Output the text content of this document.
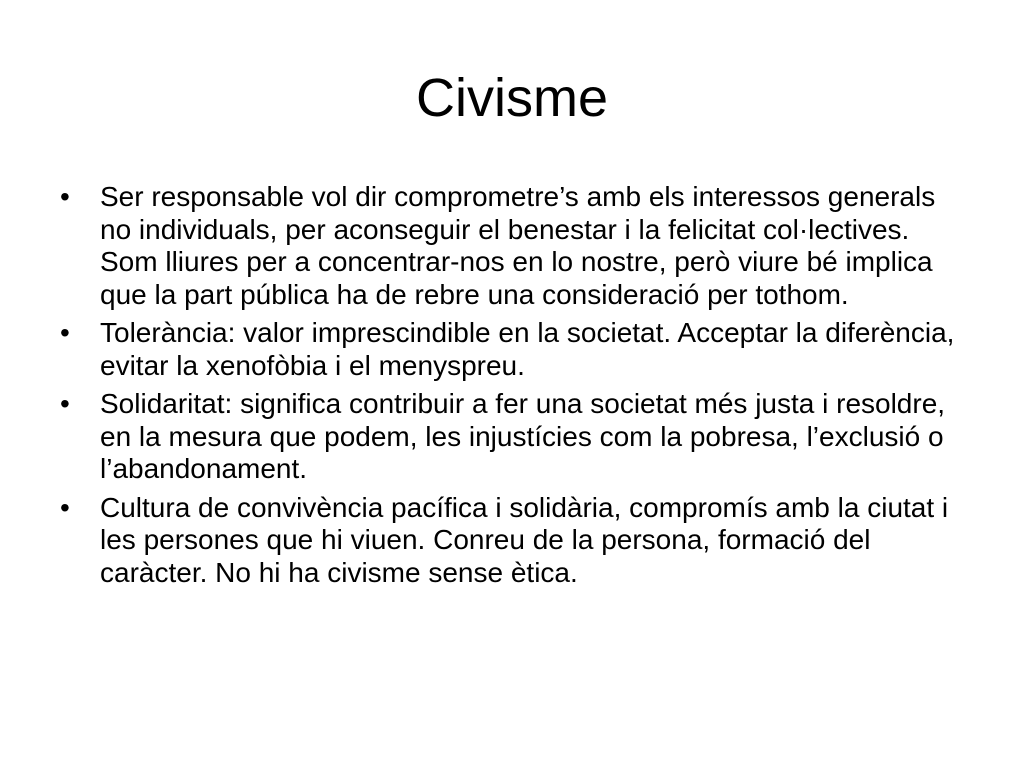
Civisme
•	Ser responsable vol dir comprometre’s amb els interessos generals no individuals, per aconseguir el benestar i la felicitat col·lectives. Som lliures per a concentrar-nos en lo nostre, però viure bé implica que la part pública ha de rebre una consideració per tothom.
•	Tolerància: valor imprescindible en la societat. Acceptar la diferència, evitar la xenofòbia i el menyspreu.
•	Solidaritat: significa contribuir a fer una societat més justa i resoldre, en la mesura que podem, les injustícies com la pobresa, l’exclusió o l’abandonament.
•	Cultura de convivència pacífica i solidària, compromís amb la ciutat i les persones que hi viuen. Conreu de la persona, formació del caràcter. No hi ha civisme sense ètica.
